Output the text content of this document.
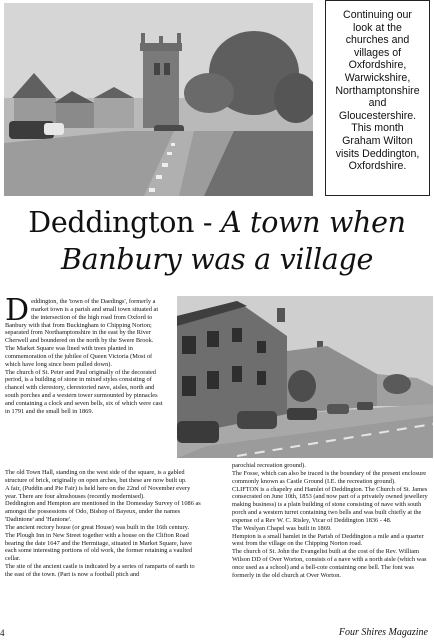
Continuing our
look at the
churches and
villages of
Oxfordshire,
Warwickshire,
Northamptonshire
and
Gloucestershire.
This month
Graham Wilton
visits Deddington,
Oxfordshire.
Deddington - A town when
Banbury was a village

Deddington, the 'town of the Daedings', formerly a market town is a parish and small town situated at the intersection of the high road from Oxford to Banbury with that from Buckingham to Chipping Norton; separated from Northamptonshire in the east by the River Cherwell and boundered on the north by the Swere Brook.

The Market Square was lined with trees planted in commemoration of the jubilee of Queen Victoria (Most of which have long since been pulled down).

The church of St. Peter and Paul originally of the decorated period, is a building of stone in mixed styles consisting of chancel with clerestory, clerestoried nave, aisles, north and south porches and a western tower surmounted by pinnacles and containing a clock and seven bells, six of which were cast in 1791 and the small bell in 1869.

The old Town Hall, standing on the west side of the square, is a gabled structure of brick, originally on open arches, but these are now built up.

A fair, (Puddin and Pie Fair) is held here on the 22nd of November every year. There are four almshouses (recently modernised).

Deddington and Hempton are mentioned in the Domesday Survey of 1086 as amongst the possessions of Odo, Bishop of Bayeux, under the names 'Dadintone' and 'Hantone'.

The ancient rectory house (or great House) was built in the 16th century.

The Plough Inn in New Street together with a house on the Clifton Road bearing the date 1647 and the Hermitage, situated in Market Square, have each some interesting portions of old work, the former retaining a vaulted cellar.

The site of the ancient castle is indicated by a series of ramparts of earth to the east of the town. (Part is now a football pitch and

parochial recreation ground).

The Fosse, which can also be traced is the boundary of the present enclosure commonly known as Castle Ground (I.E. the recreation ground).

CLIFTON is a chapelry and Hamlet of Deddington. The Church of St. James consecrated on June 10th, 1853 (and now part of a privately owned jewellery making business) is a plain building of stone consisting of nave with south porch and a western turret containing two bells and was built chiefly at the expense of a Rev W. C. Risley, Vicar of Deddington 1836 - 48.

The Weslyan Chapel was built in 1869.

Hempton is a small hamlet in the Parish of Deddington a mile and a quarter west from the village on the Chipping Norton road.

The church of St. John the Evangelist built at the cost of the Rev. William Wilson DD of Over Worton, consists of a nave with a north aisle (which was once used as a school) and a bell-cote containing one bell. The font was formerly in the old church at Over Worton.

4	Four Shires Magazine
